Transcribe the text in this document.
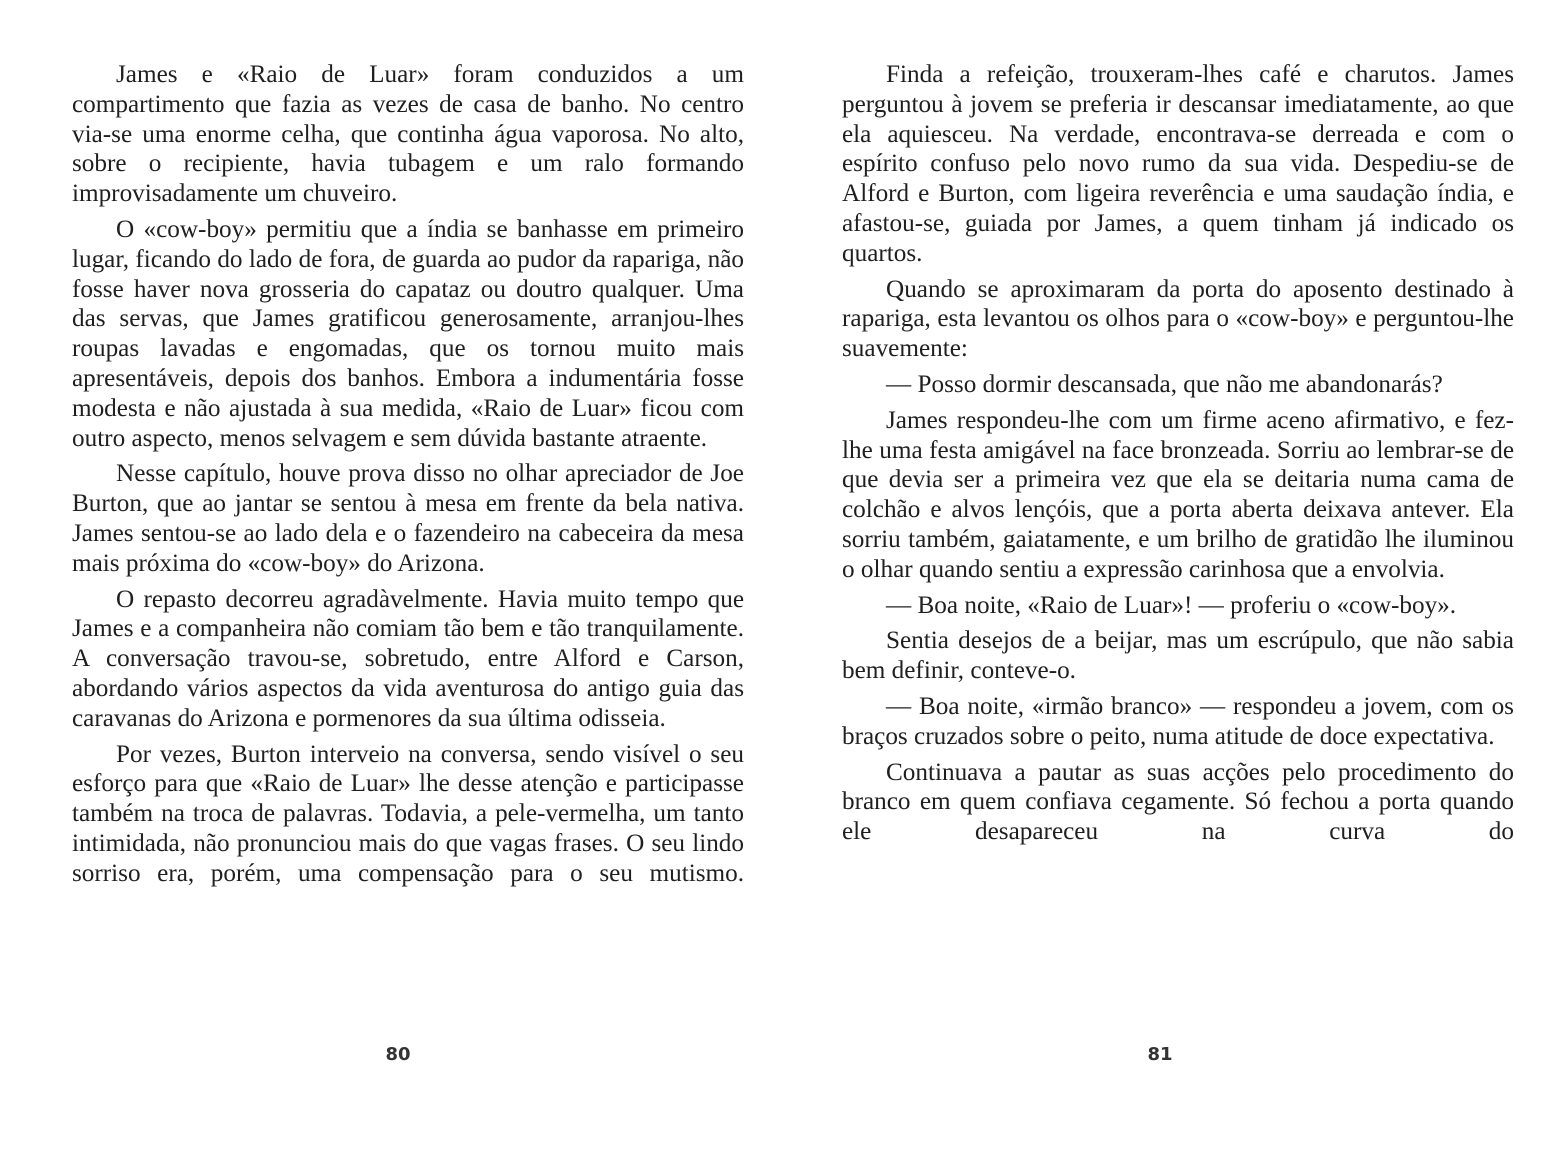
James e «Raio de Luar» foram conduzidos a um compartimento que fazia as vezes de casa de banho. No centro via-se uma enorme celha, que continha água vaporosa. No alto, sobre o recipiente, havia tubagem e um ralo formando improvisadamente um chuveiro.

O «cow-boy» permitiu que a índia se banhasse em primeiro lugar, ficando do lado de fora, de guarda ao pudor da rapariga, não fosse haver nova grosseria do capataz ou doutro qualquer. Uma das servas, que James gratificou generosamente, arranjou-lhes roupas lavadas e engomadas, que os tornou muito mais apresentáveis, depois dos banhos. Embora a indumentária fosse modesta e não ajustada à sua medida, «Raio de Luar» ficou com outro aspecto, menos selvagem e sem dúvida bastante atraente.

Nesse capítulo, houve prova disso no olhar apreciador de Joe Burton, que ao jantar se sentou à mesa em frente da bela nativa. James sentou-se ao lado dela e o fazendeiro na cabeceira da mesa mais próxima do «cow-boy» do Arizona.

O repasto decorreu agradàvelmente. Havia muito tempo que James e a companheira não comiam tão bem e tão tranquilamente. A conversação travou-se, sobretudo, entre Alford e Carson, abordando vários aspectos da vida aventurosa do antigo guia das caravanas do Arizona e pormenores da sua última odisseia.

Por vezes, Burton interveio na conversa, sendo visível o seu esforço para que «Raio de Luar» lhe desse atenção e participasse também na troca de palavras. Todavia, a pele-vermelha, um tanto intimidada, não pronunciou mais do que vagas frases. O seu lindo sorriso era, porém, uma compensação para o seu mutismo.

80

Finda a refeição, trouxeram-lhes café e charutos. James perguntou à jovem se preferia ir descansar imediatamente, ao que ela aquiesceu. Na verdade, encontrava-se derreada e com o espírito confuso pelo novo rumo da sua vida. Despediu-se de Alford e Burton, com ligeira reverência e uma saudação índia, e afastou-se, guiada por James, a quem tinham já indicado os quartos.

Quando se aproximaram da porta do aposento destinado à rapariga, esta levantou os olhos para o «cow-boy» e perguntou-lhe suavemente:

— Posso dormir descansada, que não me abandonarás?

James respondeu-lhe com um firme aceno afirmativo, e fez-lhe uma festa amigável na face bronzeada. Sorriu ao lembrar-se de que devia ser a primeira vez que ela se deitaria numa cama de colchão e alvos lençóis, que a porta aberta deixava antever. Ela sorriu também, gaiatamente, e um brilho de gratidão lhe iluminou o olhar quando sentiu a expressão carinhosa que a envolvia.

— Boa noite, «Raio de Luar»! — proferiu o «cow-boy».

Sentia desejos de a beijar, mas um escrúpulo, que não sabia bem definir, conteve-o.

— Boa noite, «irmão branco» — respondeu a jovem, com os braços cruzados sobre o peito, numa atitude de doce expectativa.

Continuava a pautar as suas acções pelo procedimento do branco em quem confiava cegamente. Só fechou a porta quando ele desapareceu na curva do

81
